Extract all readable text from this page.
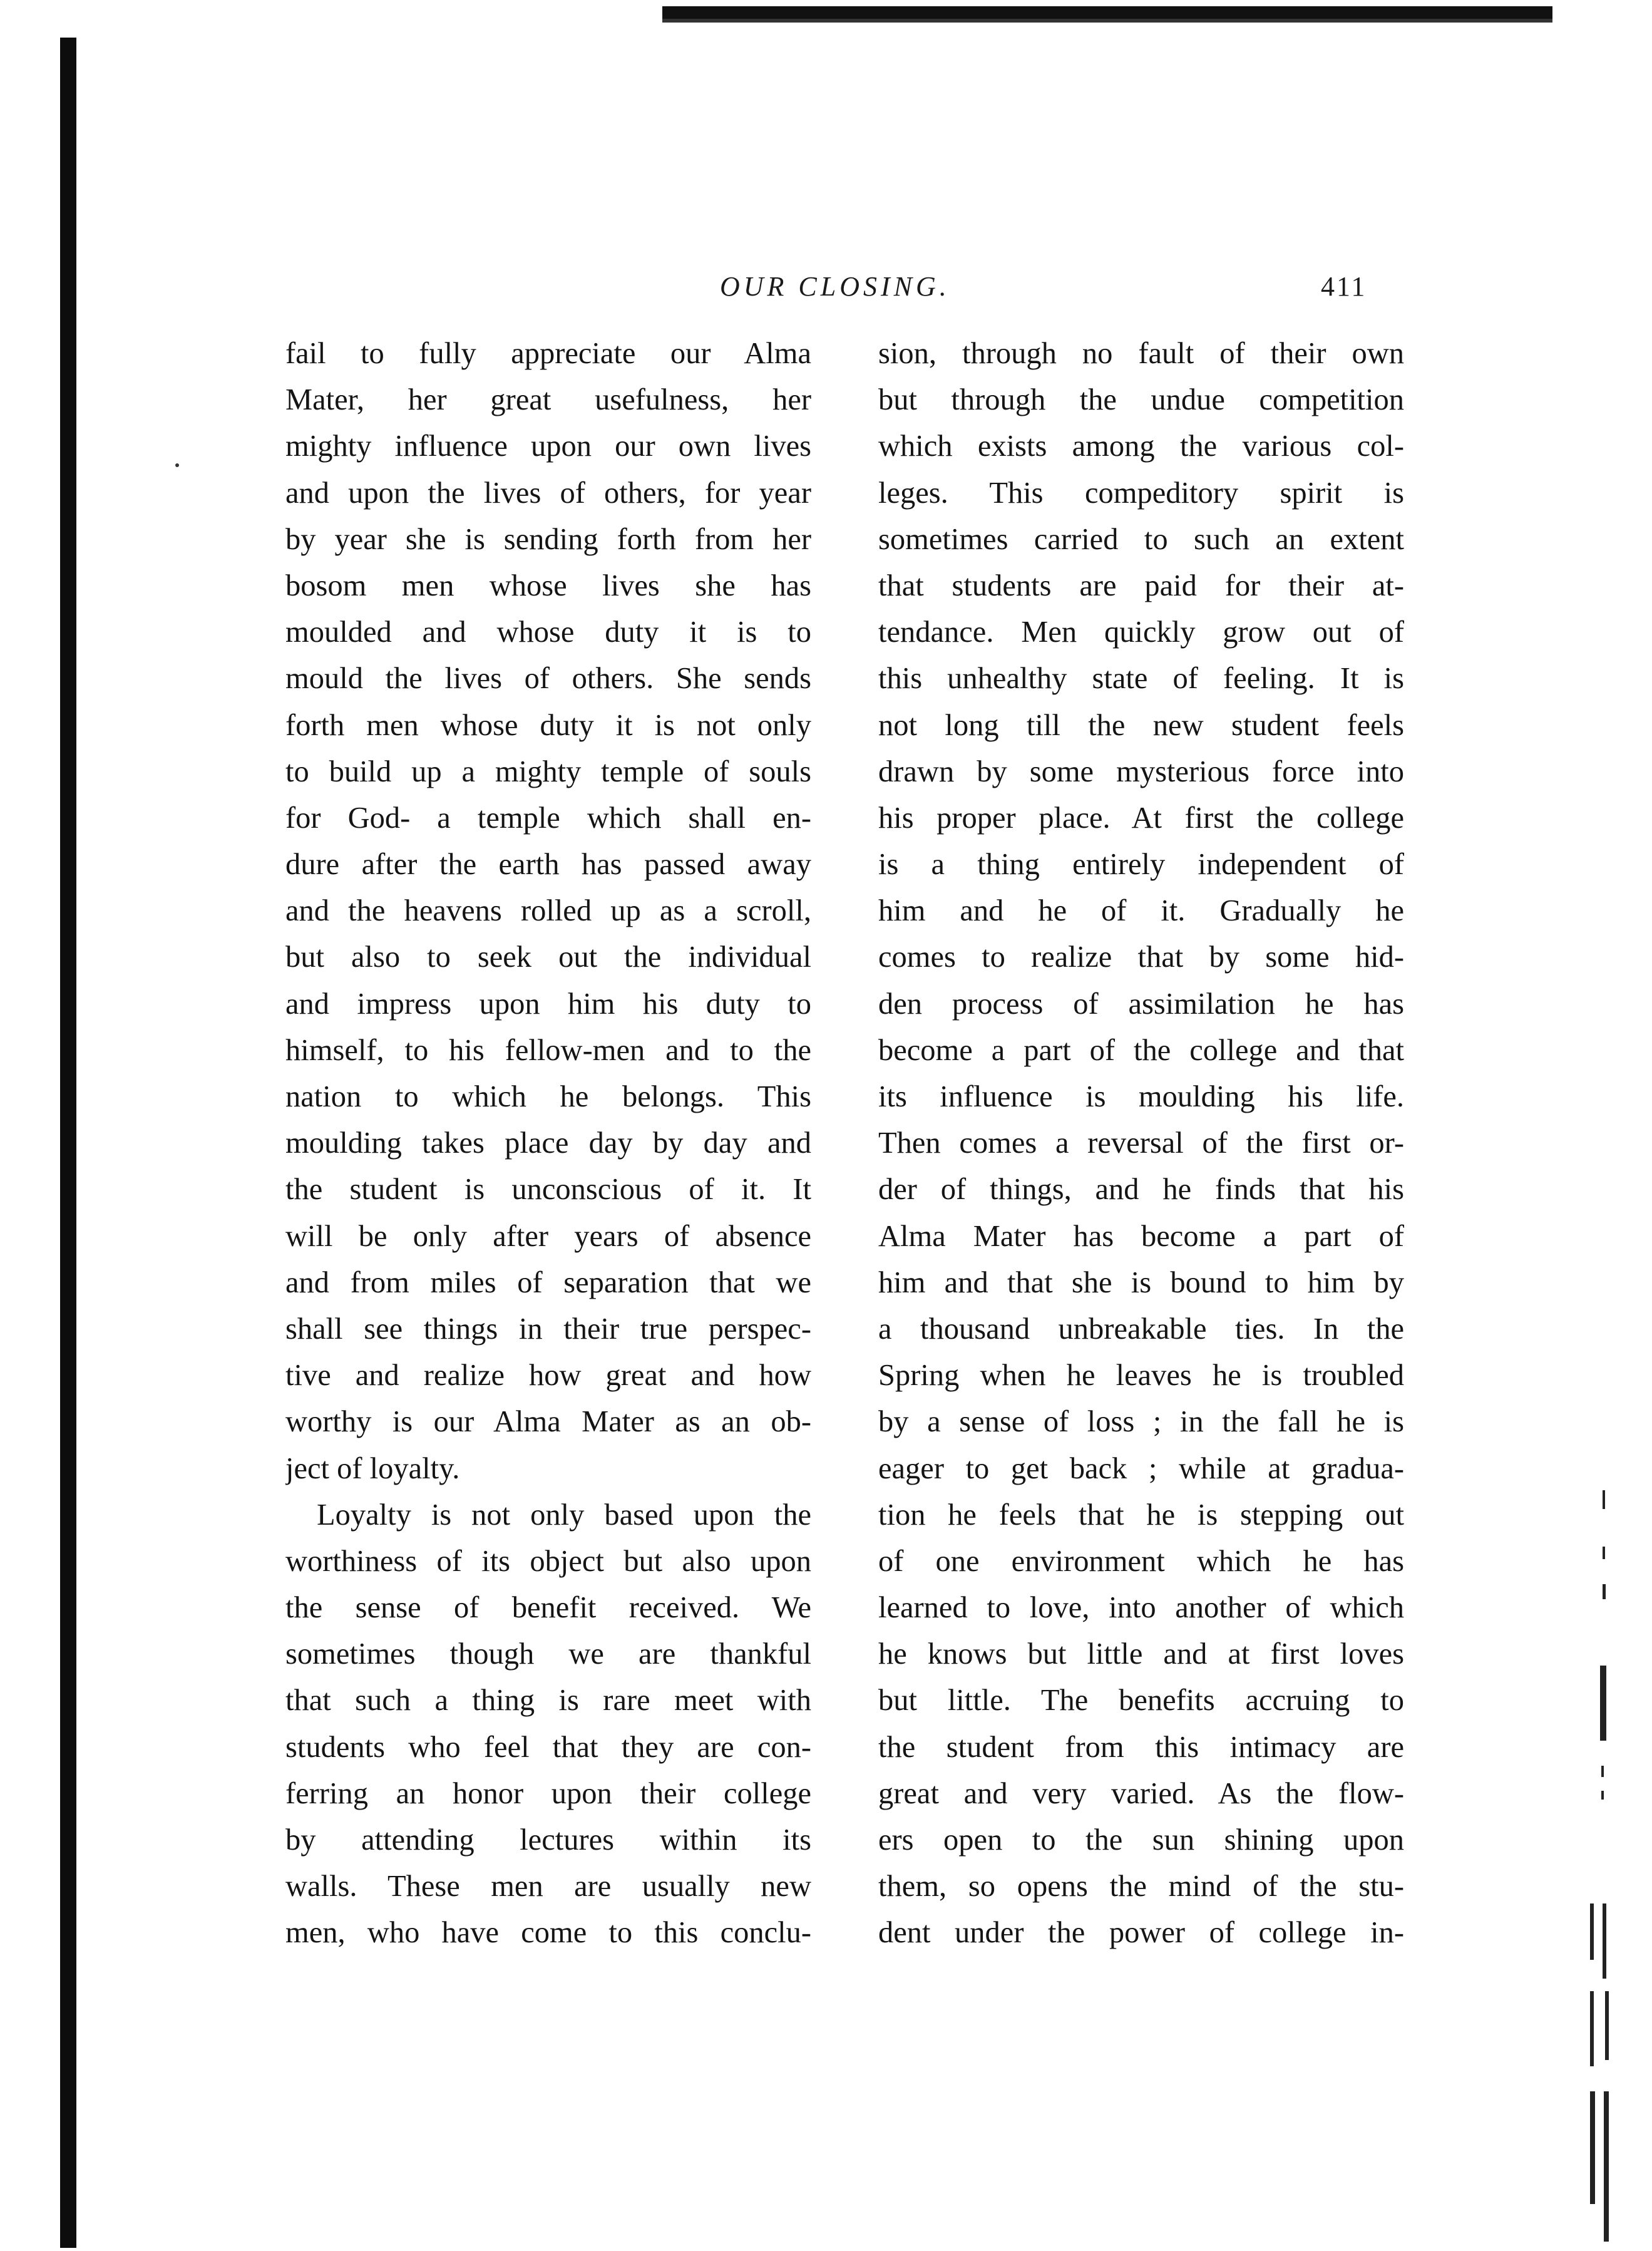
OUR CLOSING.	411
fail to fully appreciate our Alma
Mater, her great usefulness, her
mighty influence upon our own lives
and upon the lives of others, for year
by year she is sending forth from her
bosom men whose lives she has
moulded and whose duty it is to
mould the lives of others. She sends
forth men whose duty it is not only
to build up a mighty temple of souls
for God- a temple which shall en-
dure after the earth has passed away
and the heavens rolled up as a scroll,
but also to seek out the individual
and impress upon him his duty to
himself, to his fellow-men and to the
nation to which he belongs. This
moulding takes place day by day and
the student is unconscious of it. It
will be only after years of absence
and from miles of separation that we
shall see things in their true perspec-
tive and realize how great and how
worthy is our Alma Mater as an ob-
ject of loyalty.
Loyalty is not only based upon the
worthiness of its object but also upon
the sense of benefit received. We
sometimes though we are thankful
that such a thing is rare meet with
students who feel that they are con-
ferring an honor upon their college
by attending lectures within its
walls. These men are usually new
men, who have come to this conclu-
sion, through no fault of their own
but through the undue competition
which exists among the various col-
leges. This compeditory spirit is
sometimes carried to such an extent
that students are paid for their at-
tendance. Men quickly grow out of
this unhealthy state of feeling. It is
not long till the new student feels
drawn by some mysterious force into
his proper place. At first the college
is a thing entirely independent of
him and he of it. Gradually he
comes to realize that by some hid-
den process of assimilation he has
become a part of the college and that
its influence is moulding his life.
Then comes a reversal of the first or-
der of things, and he finds that his
Alma Mater has become a part of
him and that she is bound to him by
a thousand unbreakable ties. In the
Spring when he leaves he is troubled
by a sense of loss ; in the fall he is
eager to get back ; while at gradua-
tion he feels that he is stepping out
of one environment which he has
learned to love, into another of which
he knows but little and at first loves
but little. The benefits accruing to
the student from this intimacy are
great and very varied. As the flow-
ers open to the sun shining upon
them, so opens the mind of the stu-
dent under the power of college in-
